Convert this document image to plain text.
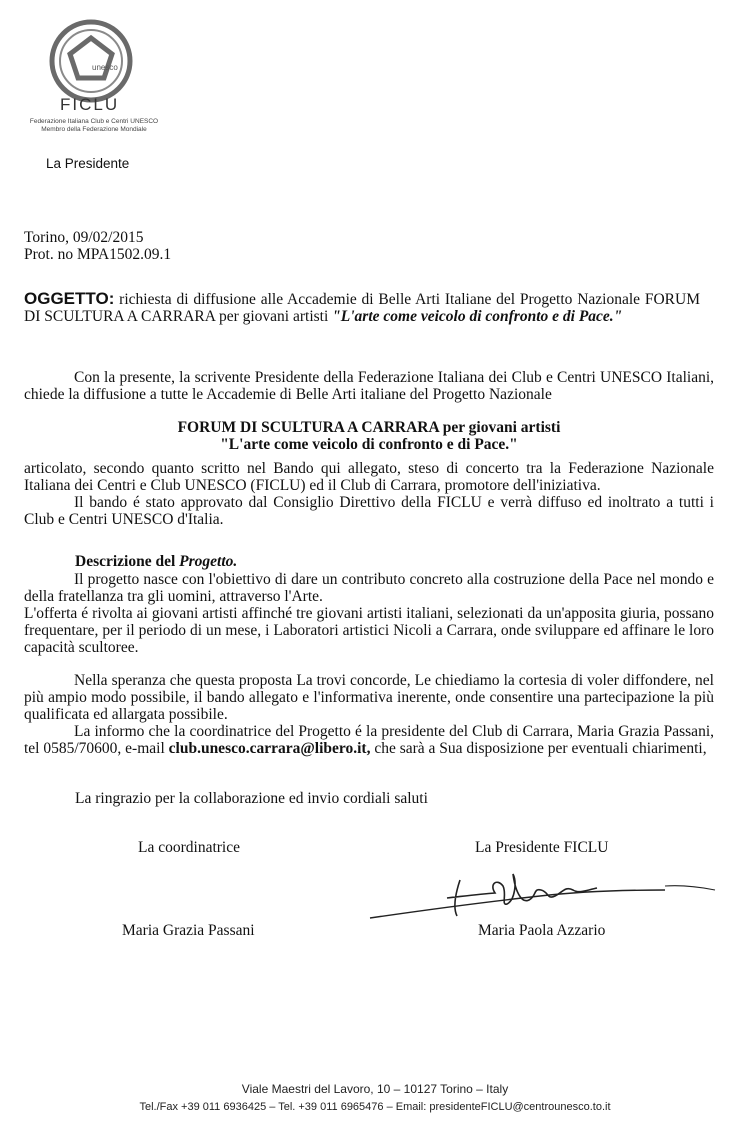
unesco
FICLU
Federazione Italiana Club e Centri UNESCO
Membro della Federazione Mondiale
La Presidente
Torino, 09/02/2015
Prot. no MPA1502.09.1
OGGETTO: richiesta di diffusione alle Accademie di Belle Arti Italiane del Progetto Nazionale FORUM DI SCULTURA A CARRARA per giovani artisti "L'arte come veicolo di confronto e di Pace."
Con la presente, la scrivente Presidente della Federazione Italiana dei Club e Centri UNESCO Italiani, chiede la diffusione a tutte le Accademie di Belle Arti italiane del Progetto Nazionale
FORUM DI SCULTURA A CARRARA per giovani artisti
"L'arte come veicolo di confronto e di Pace."
articolato, secondo quanto scritto nel Bando qui allegato, steso di concerto tra la Federazione Nazionale Italiana dei Centri e Club UNESCO (FICLU) ed il Club di Carrara, promotore dell'iniziativa.
Il bando é stato approvato dal Consiglio Direttivo della FICLU e verrà diffuso ed inoltrato a tutti i Club e Centri UNESCO d'Italia.
Descrizione del Progetto.
Il progetto nasce con l'obiettivo di dare un contributo concreto alla costruzione della Pace nel mondo e della fratellanza tra gli uomini, attraverso l'Arte.
L'offerta é rivolta ai giovani artisti affinché tre giovani artisti italiani, selezionati da un'apposita giuria, possano frequentare, per il periodo di un mese, i Laboratori artistici Nicoli a Carrara, onde sviluppare ed affinare le loro capacità scultoree.
Nella speranza che questa proposta La trovi concorde, Le chiediamo la cortesia di voler diffondere, nel più ampio modo possibile, il bando allegato e l'informativa inerente, onde consentire una partecipazione la più qualificata ed allargata possibile.
La informo che la coordinatrice del Progetto é la presidente del Club di Carrara, Maria Grazia Passani, tel 0585/70600, e-mail club.unesco.carrara@libero.it, che sarà a Sua disposizione per eventuali chiarimenti,
La ringrazio per la collaborazione ed invio cordiali saluti
La coordinatrice	La Presidente FICLU
Maria Grazia Passani	Maria Paola Azzario
Viale Maestri del Lavoro, 10 – 10127 Torino – Italy
Tel./Fax +39 011 6936425 – Tel. +39 011 6965476 – Email: presidenteFICLU@centrounesco.to.it
